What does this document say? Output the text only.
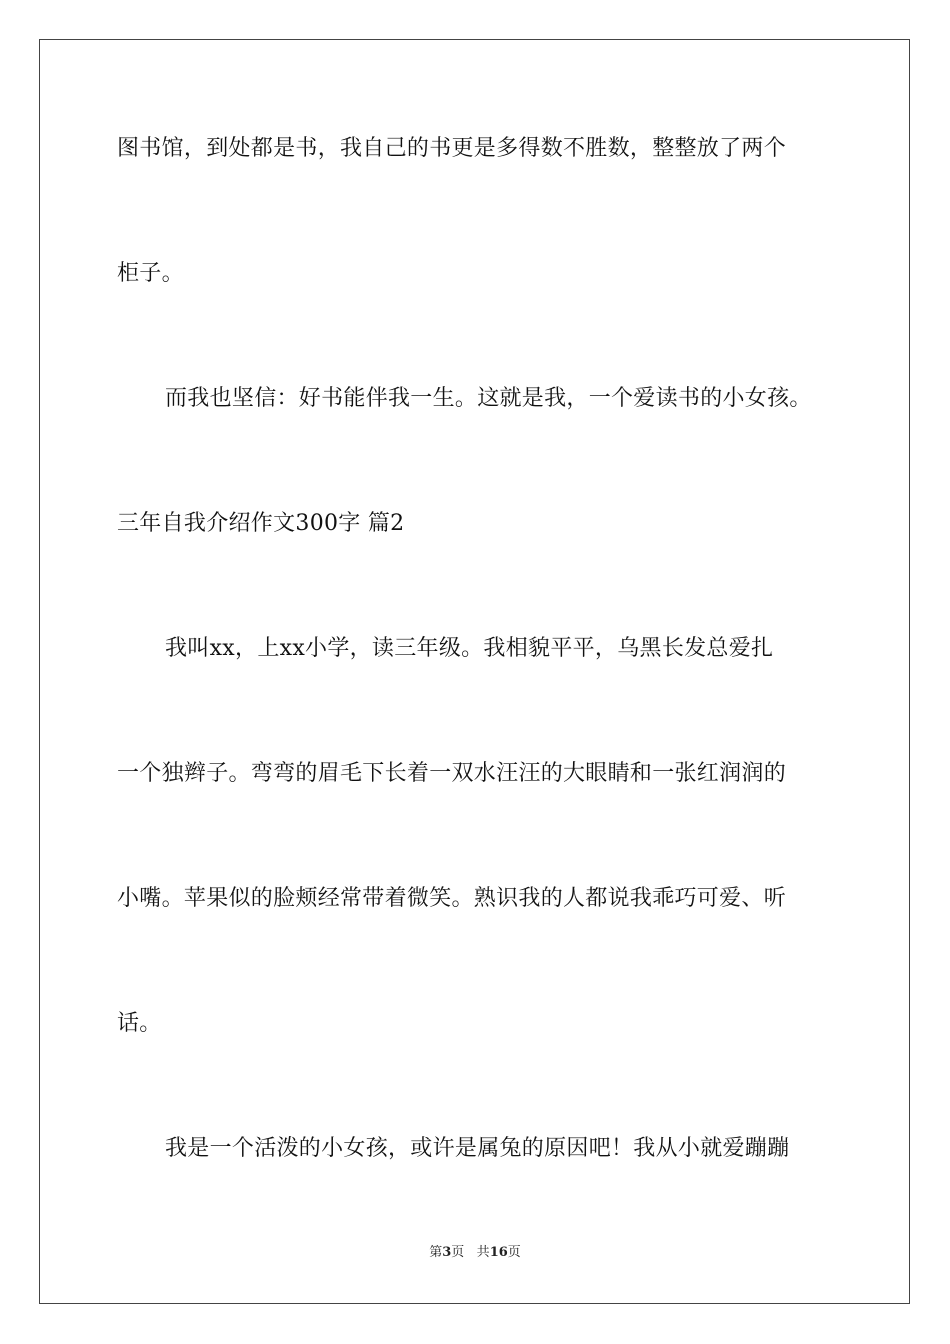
图书馆，到处都是书，我自己的书更是多得数不胜数，整整放了两个
柜子。
而我也坚信：好书能伴我一生。这就是我，一个爱读书的小女孩。
三年自我介绍作文300字 篇2
我叫xx，上xx小学，读三年级。我相貌平平，乌黑长发总爱扎
一个独辫子。弯弯的眉毛下长着一双水汪汪的大眼睛和一张红润润的
小嘴。苹果似的脸颊经常带着微笑。熟识我的人都说我乖巧可爱、听
话。
我是一个活泼的小女孩，或许是属兔的原因吧！我从小就爱蹦蹦
第3页 共16页
